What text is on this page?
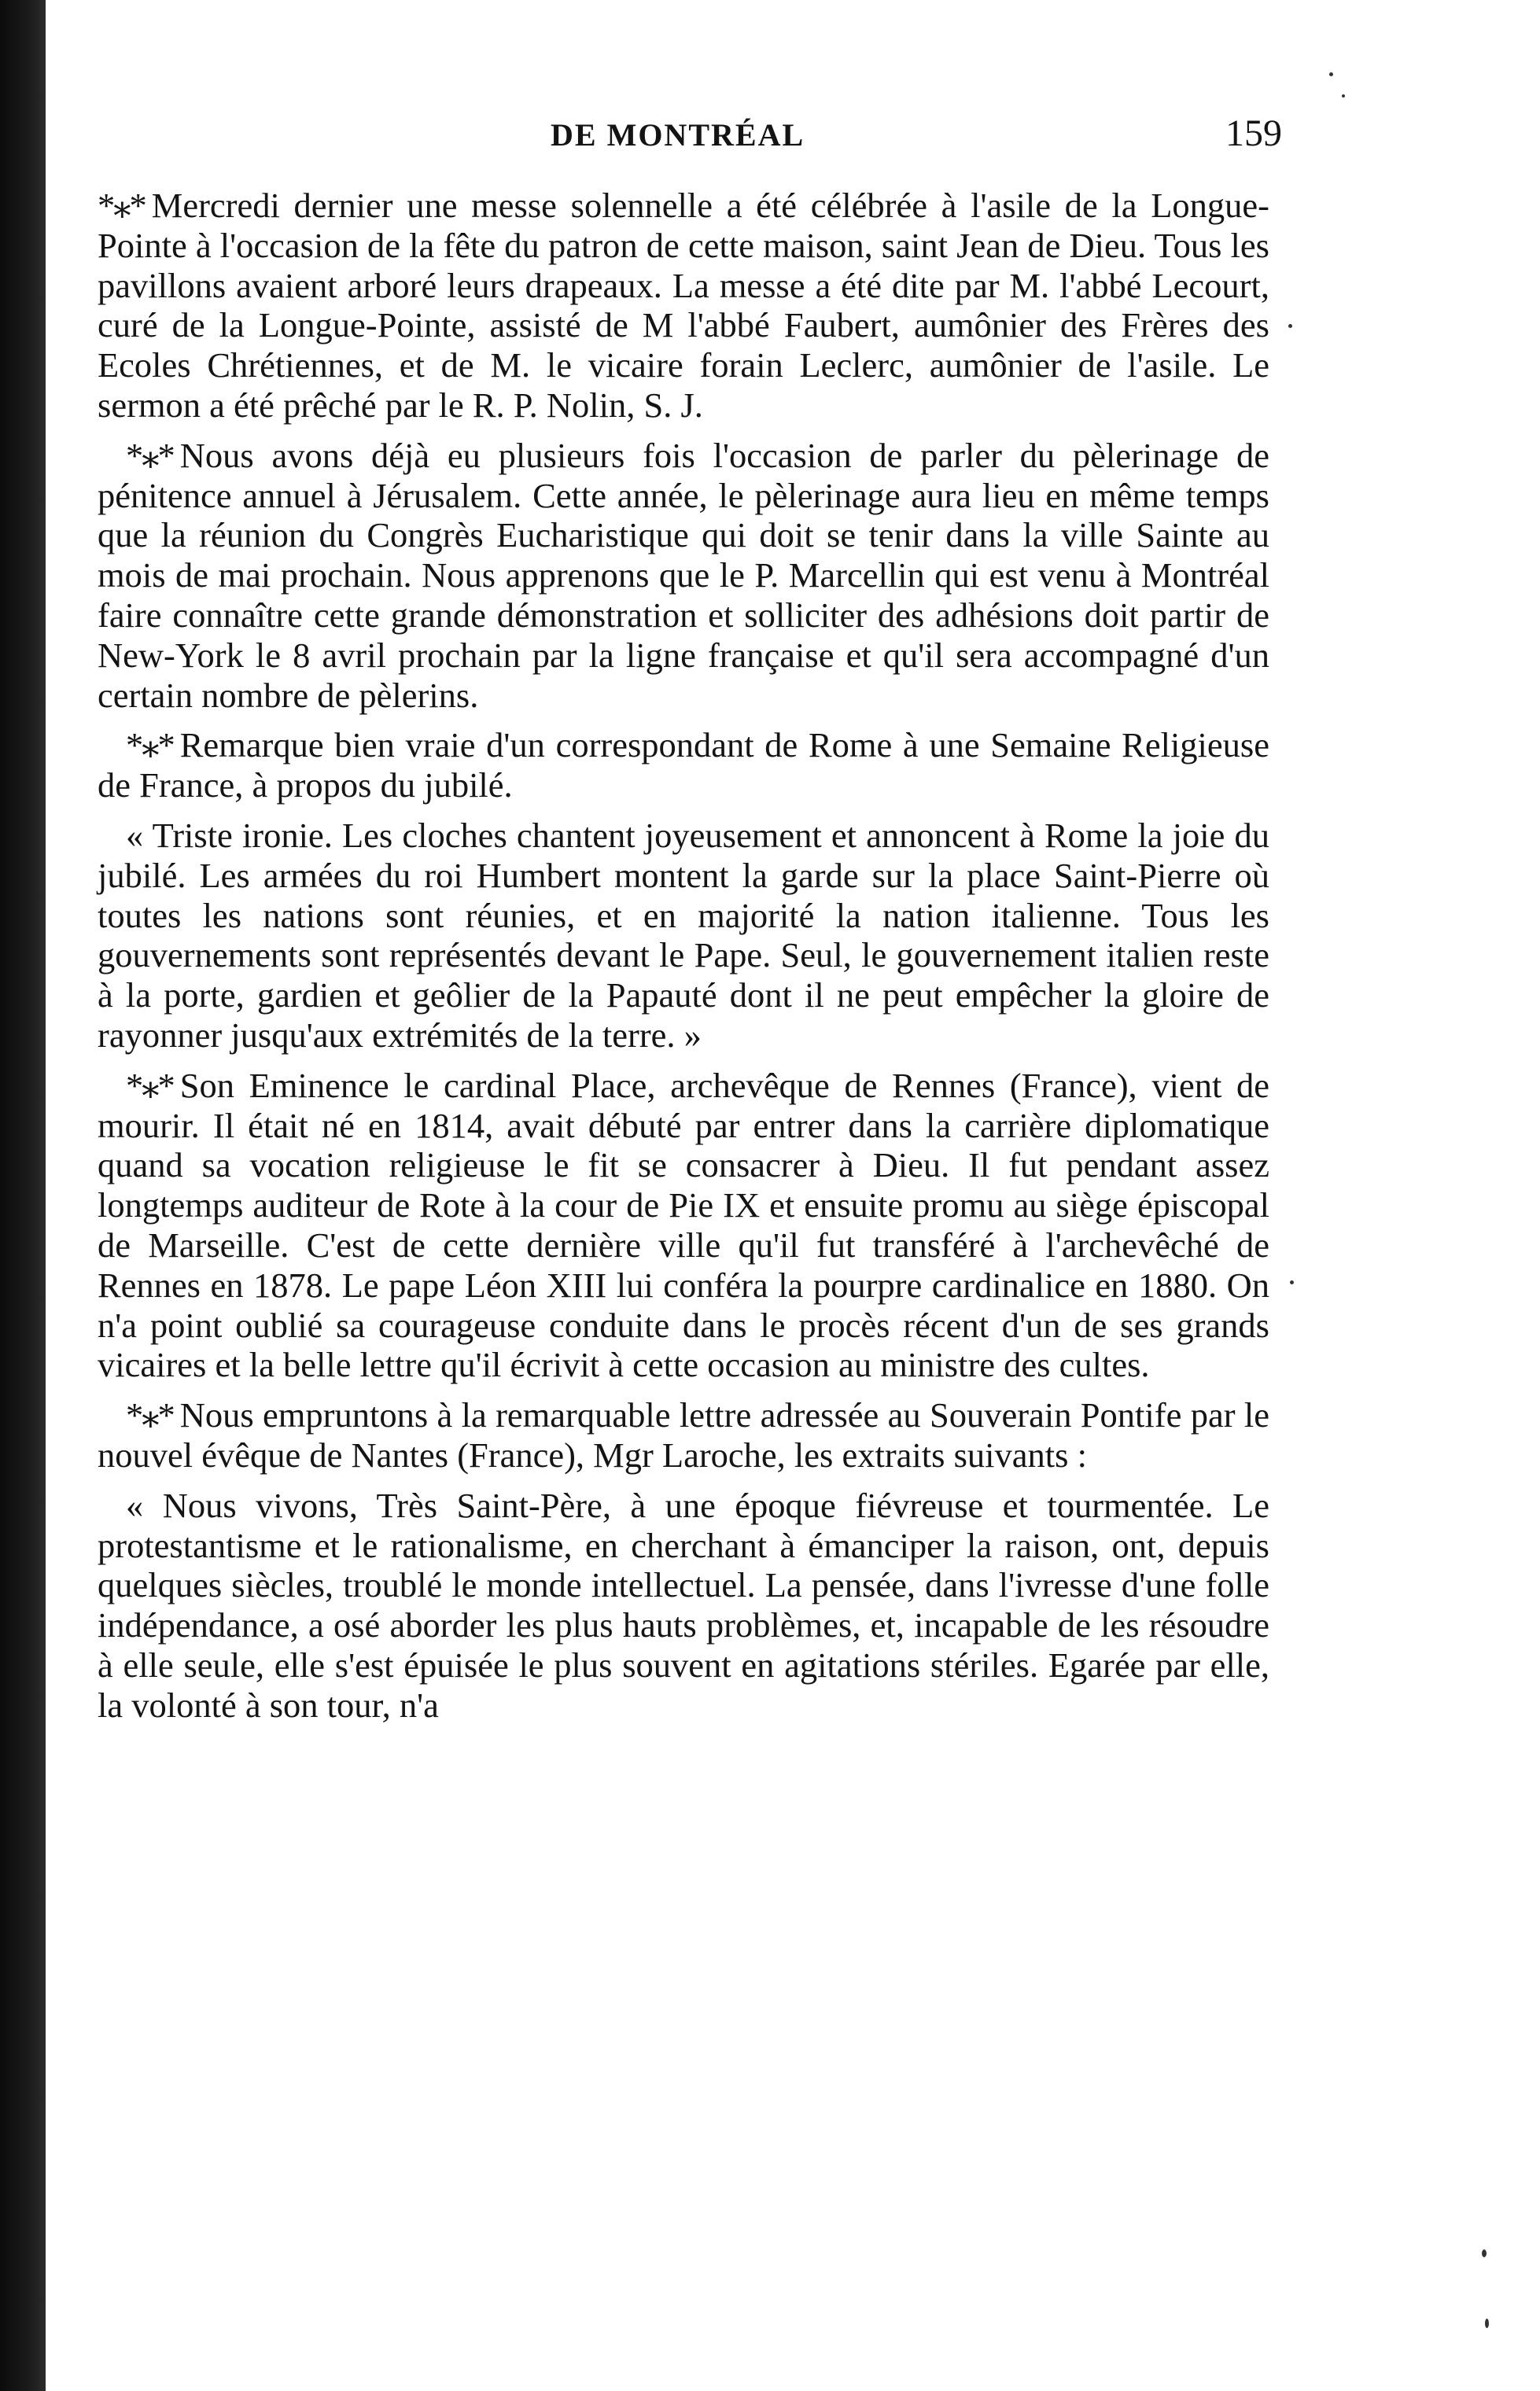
DE MONTRÉAL	159

*⁎* Mercredi dernier une messe solennelle a été célébrée à l'asile de la Longue-Pointe à l'occasion de la fête du patron de cette maison, saint Jean de Dieu. Tous les pavillons avaient arboré leurs drapeaux. La messe a été dite par M. l'abbé Lecourt, curé de la Longue-Pointe, assisté de M l'abbé Faubert, aumônier des Frères des Ecoles Chrétiennes, et de M. le vicaire forain Leclerc, aumônier de l'asile. Le sermon a été prêché par le R. P. Nolin, S. J.

*⁎* Nous avons déjà eu plusieurs fois l'occasion de parler du pèlerinage de pénitence annuel à Jérusalem. Cette année, le pèlerinage aura lieu en même temps que la réunion du Congrès Eucharistique qui doit se tenir dans la ville Sainte au mois de mai prochain. Nous apprenons que le P. Marcellin qui est venu à Montréal faire connaître cette grande démonstration et solliciter des adhésions doit partir de New-York le 8 avril prochain par la ligne française et qu'il sera accompagné d'un certain nombre de pèlerins.

*⁎* Remarque bien vraie d'un correspondant de Rome à une Semaine Religieuse de France, à propos du jubilé.

« Triste ironie. Les cloches chantent joyeusement et annoncent à Rome la joie du jubilé. Les armées du roi Humbert montent la garde sur la place Saint-Pierre où toutes les nations sont réunies, et en majorité la nation italienne. Tous les gouvernements sont représentés devant le Pape. Seul, le gouvernement italien reste à la porte, gardien et geôlier de la Papauté dont il ne peut empêcher la gloire de rayonner jusqu'aux extrémités de la terre. »

*⁎* Son Eminence le cardinal Place, archevêque de Rennes (France), vient de mourir. Il était né en 1814, avait débuté par entrer dans la carrière diplomatique quand sa vocation religieuse le fit se consacrer à Dieu. Il fut pendant assez longtemps auditeur de Rote à la cour de Pie IX et ensuite promu au siège épiscopal de Marseille. C'est de cette dernière ville qu'il fut transféré à l'archevêché de Rennes en 1878. Le pape Léon XIII lui conféra la pourpre cardinalice en 1880. On n'a point oublié sa courageuse conduite dans le procès récent d'un de ses grands vicaires et la belle lettre qu'il écrivit à cette occasion au ministre des cultes.

*⁎* Nous empruntons à la remarquable lettre adressée au Souverain Pontife par le nouvel évêque de Nantes (France), Mgr Laroche, les extraits suivants :

« Nous vivons, Très Saint-Père, à une époque fiévreuse et tourmentée. Le protestantisme et le rationalisme, en cherchant à émanciper la raison, ont, depuis quelques siècles, troublé le monde intellectuel. La pensée, dans l'ivresse d'une folle indépendance, a osé aborder les plus hauts problèmes, et, incapable de les résoudre à elle seule, elle s'est épuisée le plus souvent en agitations stériles. Egarée par elle, la volonté à son tour, n'a
